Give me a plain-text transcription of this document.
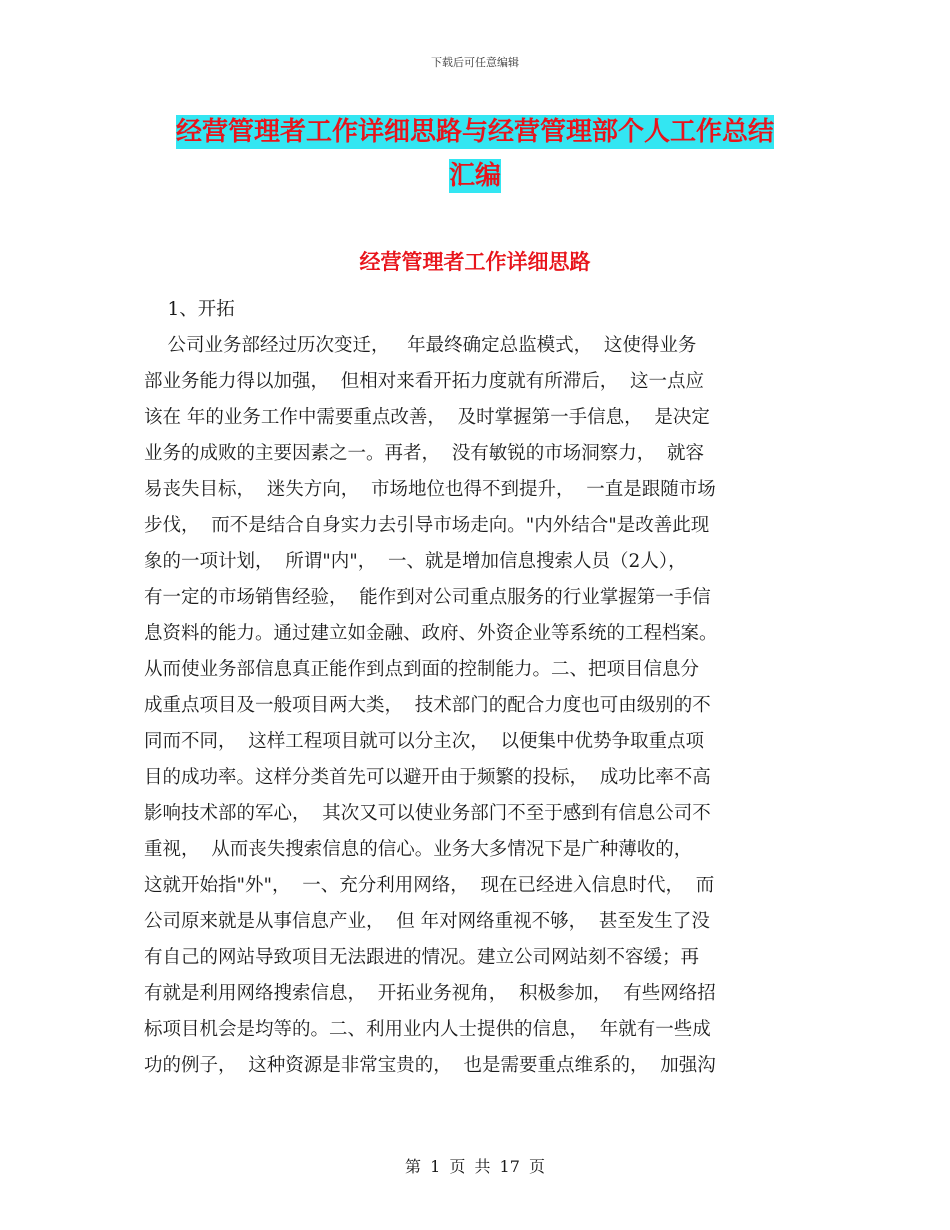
下载后可任意编辑
经营管理者工作详细思路与经营管理部个人工作总结
汇编
经营管理者工作详细思路
1、开拓
公司业务部经过历次变迁，   年最终确定总监模式，  这使得业务
部业务能力得以加强，  但相对来看开拓力度就有所滞后，  这一点应
该在 年的业务工作中需要重点改善，  及时掌握第一手信息，  是决定
业务的成败的主要因素之一。再者，  没有敏锐的市场洞察力，  就容
易丧失目标，  迷失方向，  市场地位也得不到提升，  一直是跟随市场
步伐，  而不是结合自身实力去引导市场走向。"内外结合"是改善此现
象的一项计划，  所谓"内"，  一、就是增加信息搜索人员（2人），
有一定的市场销售经验，  能作到对公司重点服务的行业掌握第一手信
息资料的能力。通过建立如金融、政府、外资企业等系统的工程档案。
从而使业务部信息真正能作到点到面的控制能力。二、把项目信息分
成重点项目及一般项目两大类，  技术部门的配合力度也可由级别的不
同而不同，  这样工程项目就可以分主次，  以便集中优势争取重点项
目的成功率。这样分类首先可以避开由于频繁的投标，  成功比率不高
影响技术部的军心，  其次又可以使业务部门不至于感到有信息公司不
重视，  从而丧失搜索信息的信心。业务大多情况下是广种薄收的，
这就开始指"外"，  一、充分利用网络，  现在已经进入信息时代，  而
公司原来就是从事信息产业，  但 年对网络重视不够，  甚至发生了没
有自己的网站导致项目无法跟进的情况。建立公司网站刻不容缓；再
有就是利用网络搜索信息，  开拓业务视角，  积极参加，  有些网络招
标项目机会是均等的。二、利用业内人士提供的信息，  年就有一些成
功的例子，  这种资源是非常宝贵的，  也是需要重点维系的，  加强沟
第 1 页 共 17 页
